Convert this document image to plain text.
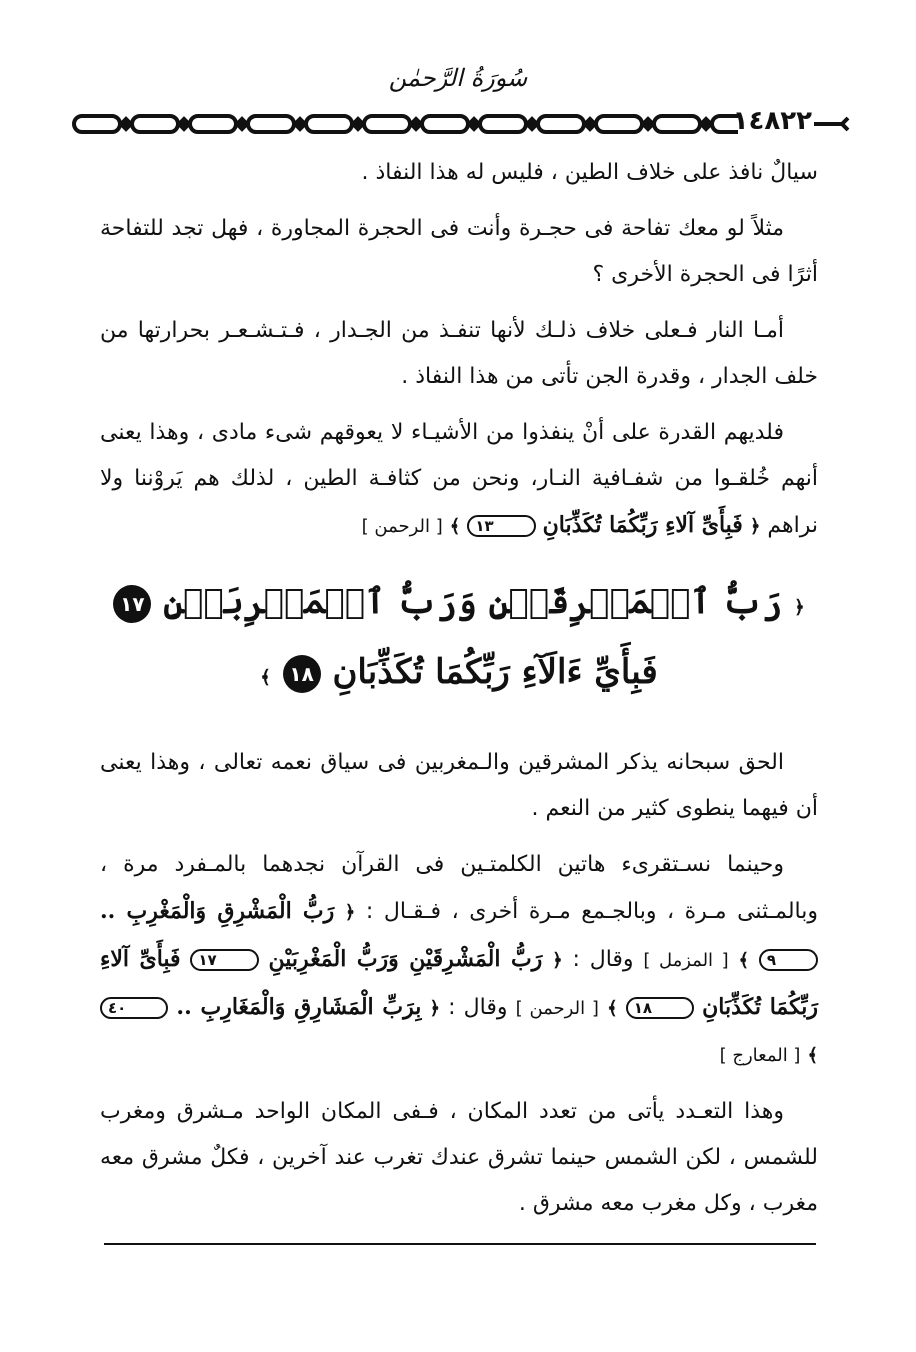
سُورَةُ الرَّحمٰن
١٤٨٢٢

سيالٌ نافذ على خلاف الطين ، فليس له هذا النفاذ .

مثلاً لو معك تفاحة فى حجـرة وأنت فى الحجرة المجاورة ، فهل تجد للتفاحة أثرًا فى الحجرة الأخرى ؟

أمـا النار فـعلى خلاف ذلـك لأنها تنفـذ من الجـدار ، فـتـشـعـر بحرارتها من خلف الجدار ، وقدرة الجن تأتى من هذا النفاذ .

فلديهم القدرة على أنْ ينفذوا من الأشيـاء لا يعوقهم شىء مادى ، وهذا يعنى أنهم خُلقـوا من شفـافية النـار، ونحن من كثافـة الطين ، لذلك هم يَروْننا ولا نراهم ﴿ فَبِأَىِّ آلاءِ رَبِّكُمَا تُكَذِّبَانِ ١٣ ﴾ [ الرحمن ]

﴿ رَبُّ ٱلۡمَشۡرِقَيۡنِ وَرَبُّ ٱلۡمَغۡرِبَيۡنِ ١٧
فَبِأَيِّ ءَالَآءِ رَبِّكُمَا تُكَذِّبَانِ ١٨ ﴾

الحق سبحانه يذكر المشرقين والـمغربين فى سياق نعمه تعالى ، وهذا يعنى أن فيهما ينطوى كثير من النعم .

وحينما نسـتقرىء هاتين الكلمتـين فى القرآن نجدهما بالمـفرد مرة ، وبالمـثنى مـرة ، وبالجـمع مـرة أخرى ، فـقـال : ﴿ رَبُّ الْمَشْرِقِ وَالْمَغْرِبِ .. ٩ ﴾ [ المزمل ] وقال : ﴿ رَبُّ الْمَشْرِقَيْنِ وَرَبُّ الْمَغْرِبَيْنِ ١٧ فَبِأَىِّ آلاءِ رَبِّكُمَا تُكَذِّبَانِ ١٨ ﴾ [ الرحمن ] وقال : ﴿ بِرَبِّ الْمَشَارِقِ وَالْمَغَارِبِ .. ٤٠ ﴾ [ المعارج ]

وهذا التعـدد يأتى من تعدد المكان ، فـفى المكان الواحد مـشرق ومغرب للشمس ، لكن الشمس حينما تشرق عندك تغرب عند آخرين ، فكلٌ مشرق معه مغرب ، وكل مغرب معه مشرق .
